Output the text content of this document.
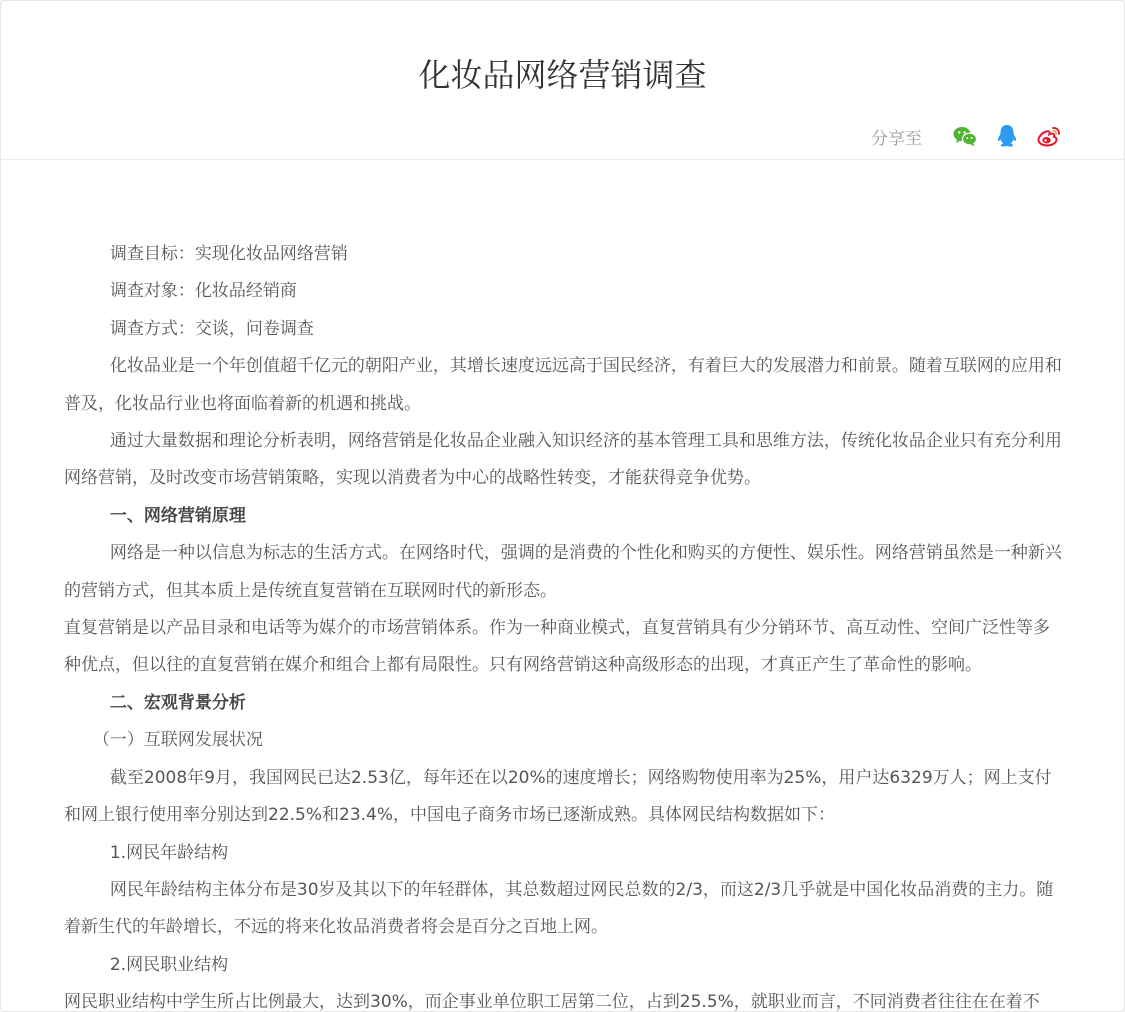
化妆品网络营销调查
分享至

调查目标：实现化妆品网络营销

调查对象：化妆品经销商

调查方式：交谈，问卷调查

化妆品业是一个年创值超千亿元的朝阳产业，其增长速度远远高于国民经济，有着巨大的发展潜力和前景。随着互联网的应用和普及，化妆品行业也将面临着新的机遇和挑战。

通过大量数据和理论分析表明，网络营销是化妆品企业融入知识经济的基本管理工具和思维方法，传统化妆品企业只有充分利用网络营销，及时改变市场营销策略，实现以消费者为中心的战略性转变，才能获得竞争优势。

一、网络营销原理

网络是一种以信息为标志的生活方式。在网络时代，强调的是消费的个性化和购买的方便性、娱乐性。网络营销虽然是一种新兴的营销方式，但其本质上是传统直复营销在互联网时代的新形态。

直复营销是以产品目录和电话等为媒介的市场营销体系。作为一种商业模式，直复营销具有少分销环节、高互动性、空间广泛性等多种优点，但以往的直复营销在媒介和组合上都有局限性。只有网络营销这种高级形态的出现，才真正产生了革命性的影响。

二、宏观背景分析

（一）互联网发展状况

截至2008年9月，我国网民已达2.53亿，每年还在以20%的速度增长；网络购物使用率为25%，用户达6329万人；网上支付和网上银行使用率分别达到22.5%和23.4%，中国电子商务市场已逐渐成熟。具体网民结构数据如下：

1.网民年龄结构

网民年龄结构主体分布是30岁及其以下的年轻群体，其总数超过网民总数的2/3，而这2/3几乎就是中国化妆品消费的主力。随着新生代的年龄增长，不远的将来化妆品消费者将会是百分之百地上网。

2.网民职业结构

网民职业结构中学生所占比例最大，达到30%，而企事业单位职工居第二位，占到25.5%，就职业而言，不同消费者往往在在着不
